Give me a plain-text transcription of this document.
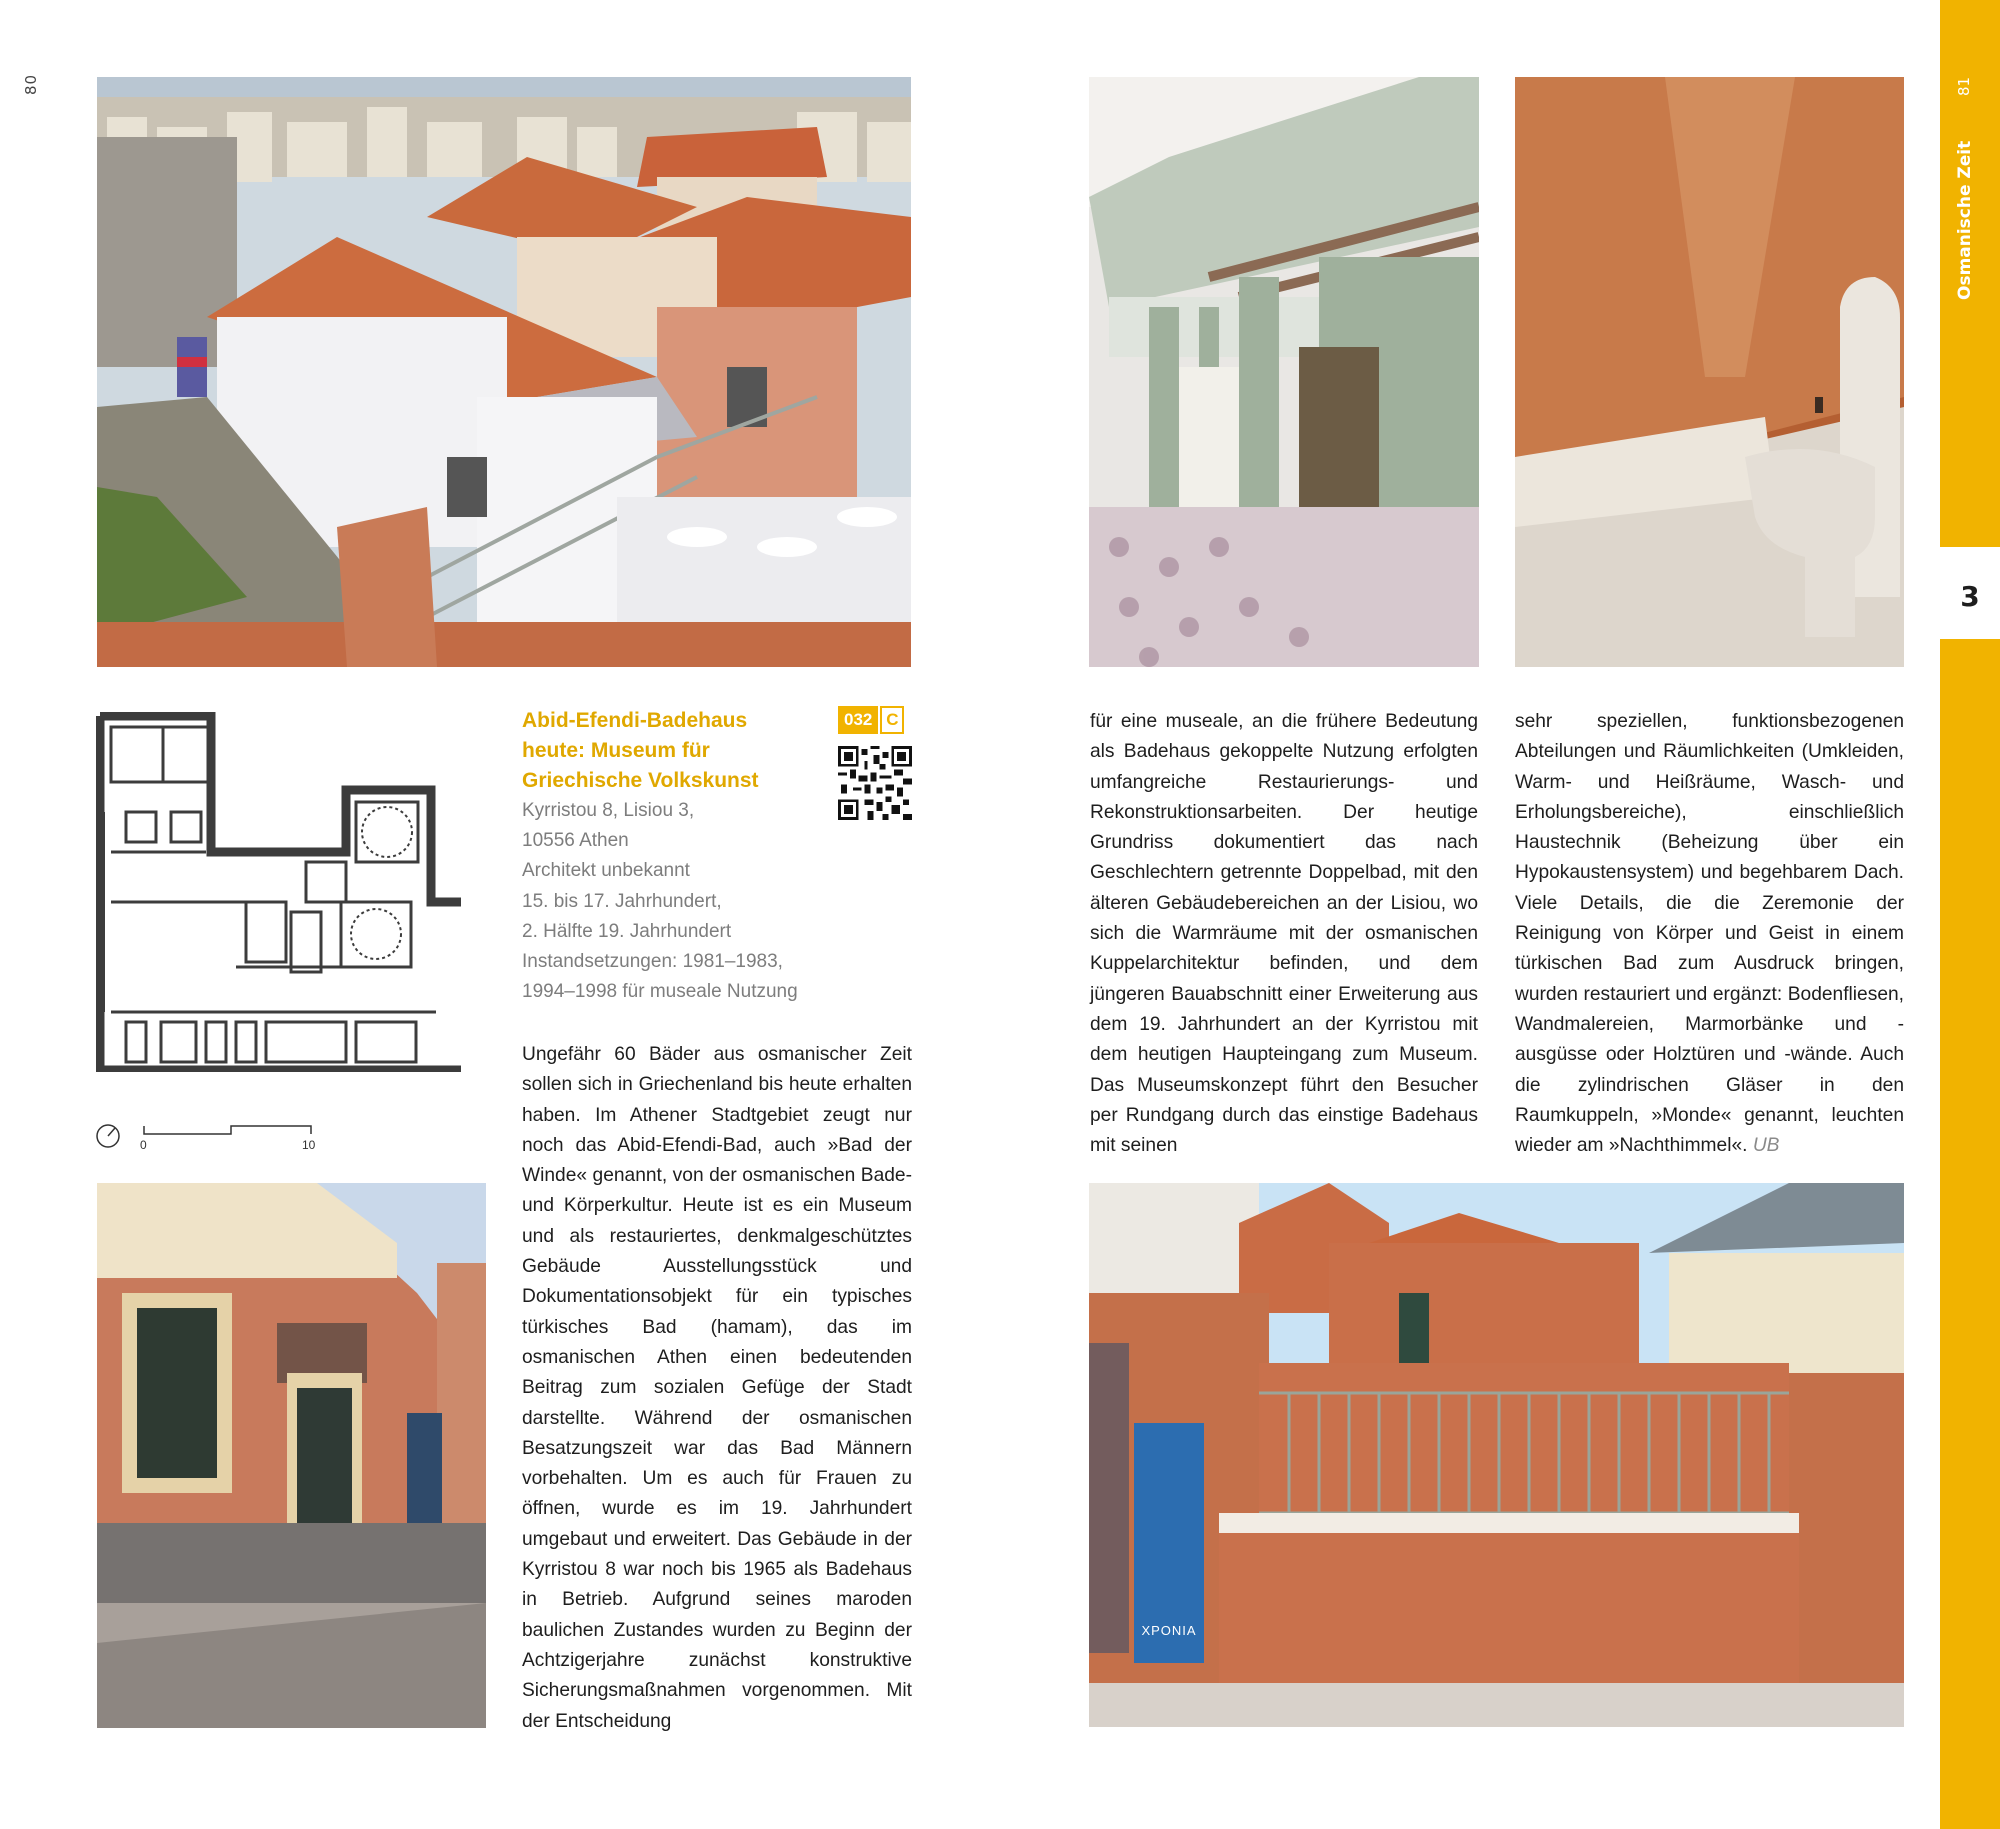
80
3
Osmanische Zeit
81
0	10
XPONIA
Abid-Efendi-Badehaus
heute: Museum für
Griechische Volkskunst
032 C
Kyrristou 8, Lisiou 3,
10556 Athen
Architekt unbekannt
15. bis 17. Jahrhundert,
2. Hälfte 19. Jahrhundert
Instandsetzungen: 1981–1983,
1994–1998 für museale Nutzung

Ungefähr 60 Bäder aus osmanischer Zeit sollen sich in Griechenland bis heute erhalten haben. Im Athener Stadtgebiet zeugt nur noch das Abid-Efendi-Bad, auch »Bad der Winde« genannt, von der osmanischen Bade- und Körperkultur. Heute ist es ein Museum und als restauriertes, denkmalgeschütztes Gebäude Ausstellungsstück und Dokumentationsobjekt für ein typisches türkisches Bad (hamam), das im osmanischen Athen einen bedeutenden Beitrag zum sozialen Gefüge der Stadt darstellte. Während der osmanischen Besatzungszeit war das Bad Männern vorbehalten. Um es auch für Frauen zu öffnen, wurde es im 19. Jahrhundert umgebaut und erweitert. Das Gebäude in der Kyrristou 8 war noch bis 1965 als Badehaus in Betrieb. Aufgrund seines maroden baulichen Zustandes wurden zu Beginn der Achtzigerjahre zunächst konstruktive Sicherungsmaßnahmen vorgenommen. Mit der Entscheidung

für eine museale, an die frühere Bedeutung als Badehaus gekoppelte Nutzung erfolgten umfangreiche Restaurierungs- und Rekonstruktionsarbeiten. Der heutige Grundriss dokumentiert das nach Geschlechtern getrennte Doppelbad, mit den älteren Gebäudebereichen an der Lisiou, wo sich die Warmräume mit der osmanischen Kuppelarchitektur befinden, und dem jüngeren Bauabschnitt einer Erweiterung aus dem 19. Jahrhundert an der Kyrristou mit dem heutigen Haupteingang zum Museum. Das Museumskonzept führt den Besucher per Rundgang durch das einstige Badehaus mit seinen

sehr speziellen, funktionsbezogenen Abteilungen und Räumlichkeiten (Umkleiden, Warm- und Heißräume, Wasch- und Erholungsbereiche), einschließlich Haustechnik (Beheizung über ein Hypokaustensystem) und begehbarem Dach. Viele Details, die die Zeremonie der Reinigung von Körper und Geist in einem türkischen Bad zum Ausdruck bringen, wurden restauriert und ergänzt: Bodenfliesen, Wandmalereien, Marmorbänke und -ausgüsse oder Holztüren und -wände. Auch die zylindrischen Gläser in den Raumkuppeln, »Monde« genannt, leuchten wieder am »Nachthimmel«. UB
